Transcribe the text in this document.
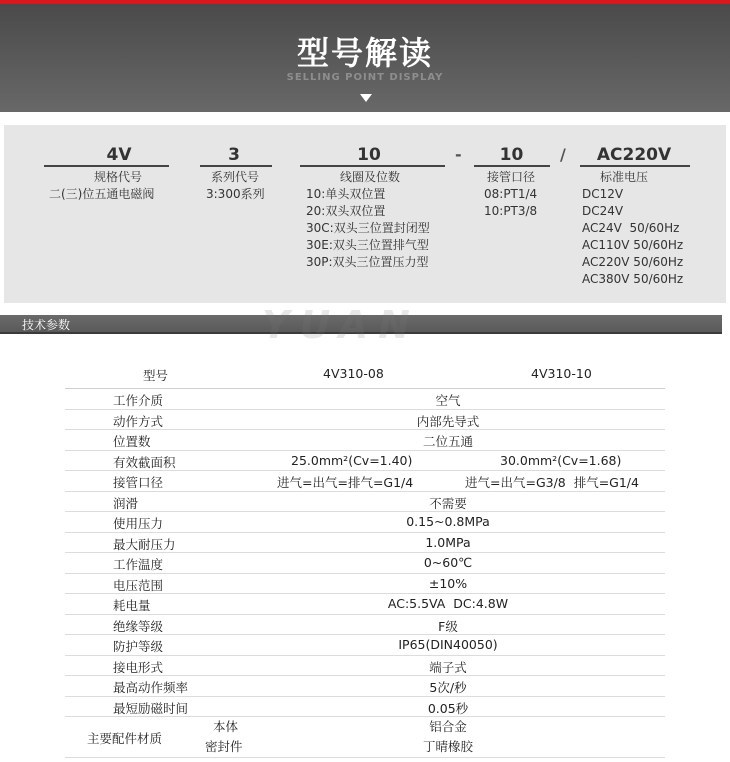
型号解读
SELLING POINT DISPLAY
4V	3	10	-	10	/	AC220V
规格代号
二(三)位五通电磁阀
系列代号
3:300系列
线圈及位数
10:单头双位置
20:双头双位置
30C:双头三位置封闭型
30E:双头三位置排气型
30P:双头三位置压力型
接管口径
08:PT1/4
10:PT3/8
标准电压
DC12V
DC24V
AC24V  50/60Hz
AC110V 50/60Hz
AC220V 50/60Hz
AC380V 50/60Hz
技术参数	YUAN
型号	4V310-08	4V310-10
工作介质	空气
动作方式	内部先导式
位置数	二位五通
有效截面积	25.0mm²(Cv=1.40)	30.0mm²(Cv=1.68)
接管口径	进气=出气=排气=G1/4	进气=出气=G3/8  排气=G1/4
润滑	不需要
使用压力	0.15~0.8MPa
最大耐压力	1.0MPa
工作温度	0~60℃
电压范围	±10%
耗电量	AC:5.5VA  DC:4.8W
绝缘等级	F级
防护等级	IP65(DIN40050)
接电形式	端子式
最高动作频率	5次/秒
最短励磁时间	0.05秒
主要配件材质
本体	铝合金
密封件	丁晴橡胶
